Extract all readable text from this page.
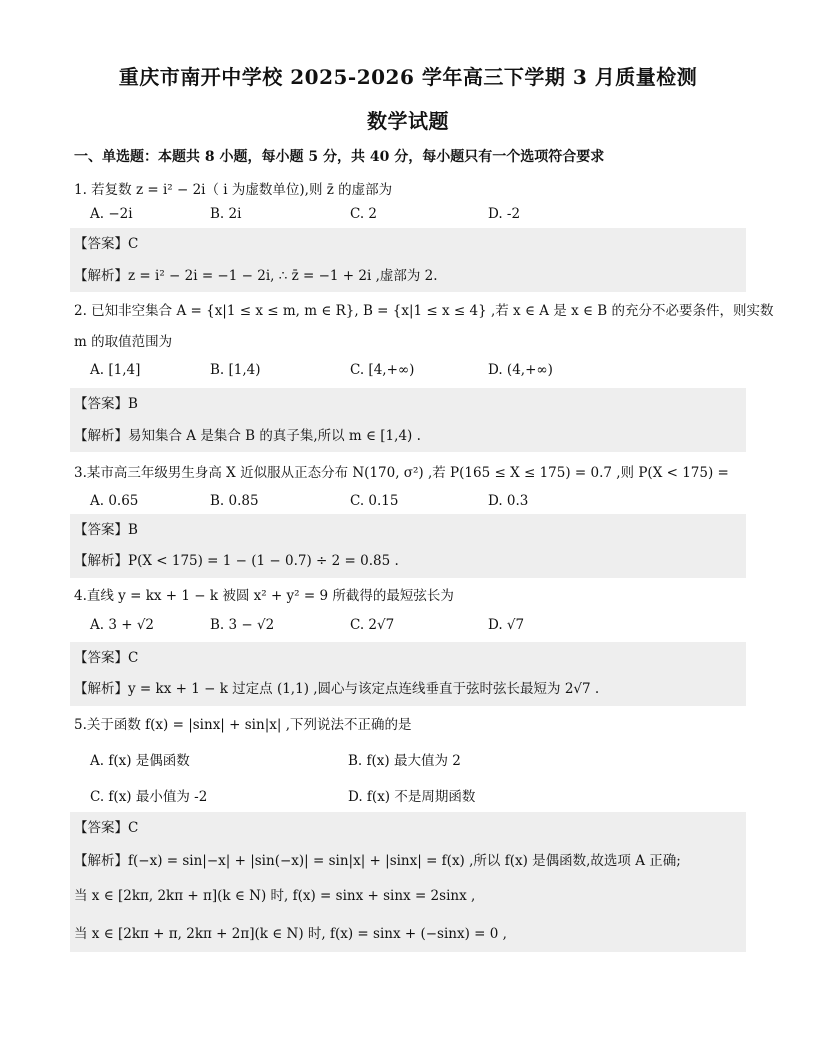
重庆市南开中学校 2025-2026 学年高三下学期 3 月质量检测
数学试题
一、单选题：本题共 8 小题，每小题 5 分，共 40 分，每小题只有一个选项符合要求
1. 若复数 z = i² − 2i（ i 为虚数单位),则 z̄ 的虚部为
A. −2i	B. 2i	C. 2	D. -2
【答案】C
【解析】z = i² − 2i = −1 − 2i, ∴ z̄ = −1 + 2i ,虚部为 2.
2. 已知非空集合 A = {x|1 ≤ x ≤ m, m ∈ R}, B = {x|1 ≤ x ≤ 4} ,若 x ∈ A 是 x ∈ B 的充分不必要条件，则实数
m 的取值范围为
A. [1,4]	B. [1,4)	C. [4,+∞)	D. (4,+∞)
【答案】B
【解析】易知集合 A 是集合 B 的真子集,所以 m ∈ [1,4) .
3.某市高三年级男生身高 X 近似服从正态分布 N(170, σ²) ,若 P(165 ≤ X ≤ 175) = 0.7 ,则 P(X < 175) =
A. 0.65	B. 0.85	C. 0.15	D. 0.3
【答案】B
【解析】P(X < 175) = 1 − (1 − 0.7) ÷ 2 = 0.85 .
4.直线 y = kx + 1 − k 被圆 x² + y² = 9 所截得的最短弦长为
A. 3 + √2	B. 3 − √2	C. 2√7	D. √7
【答案】C
【解析】y = kx + 1 − k 过定点 (1,1) ,圆心与该定点连线垂直于弦时弦长最短为 2√7 .
5.关于函数 f(x) = |sinx| + sin|x| ,下列说法不正确的是
A. f(x) 是偶函数	B. f(x) 最大值为 2
C. f(x) 最小值为 -2	D. f(x) 不是周期函数
【答案】C
【解析】f(−x) = sin|−x| + |sin(−x)| = sin|x| + |sinx| = f(x) ,所以 f(x) 是偶函数,故选项 A 正确;
当 x ∈ [2kπ, 2kπ + π](k ∈ N) 时, f(x) = sinx + sinx = 2sinx ,
当 x ∈ [2kπ + π, 2kπ + 2π](k ∈ N) 时, f(x) = sinx + (−sinx) = 0 ,
